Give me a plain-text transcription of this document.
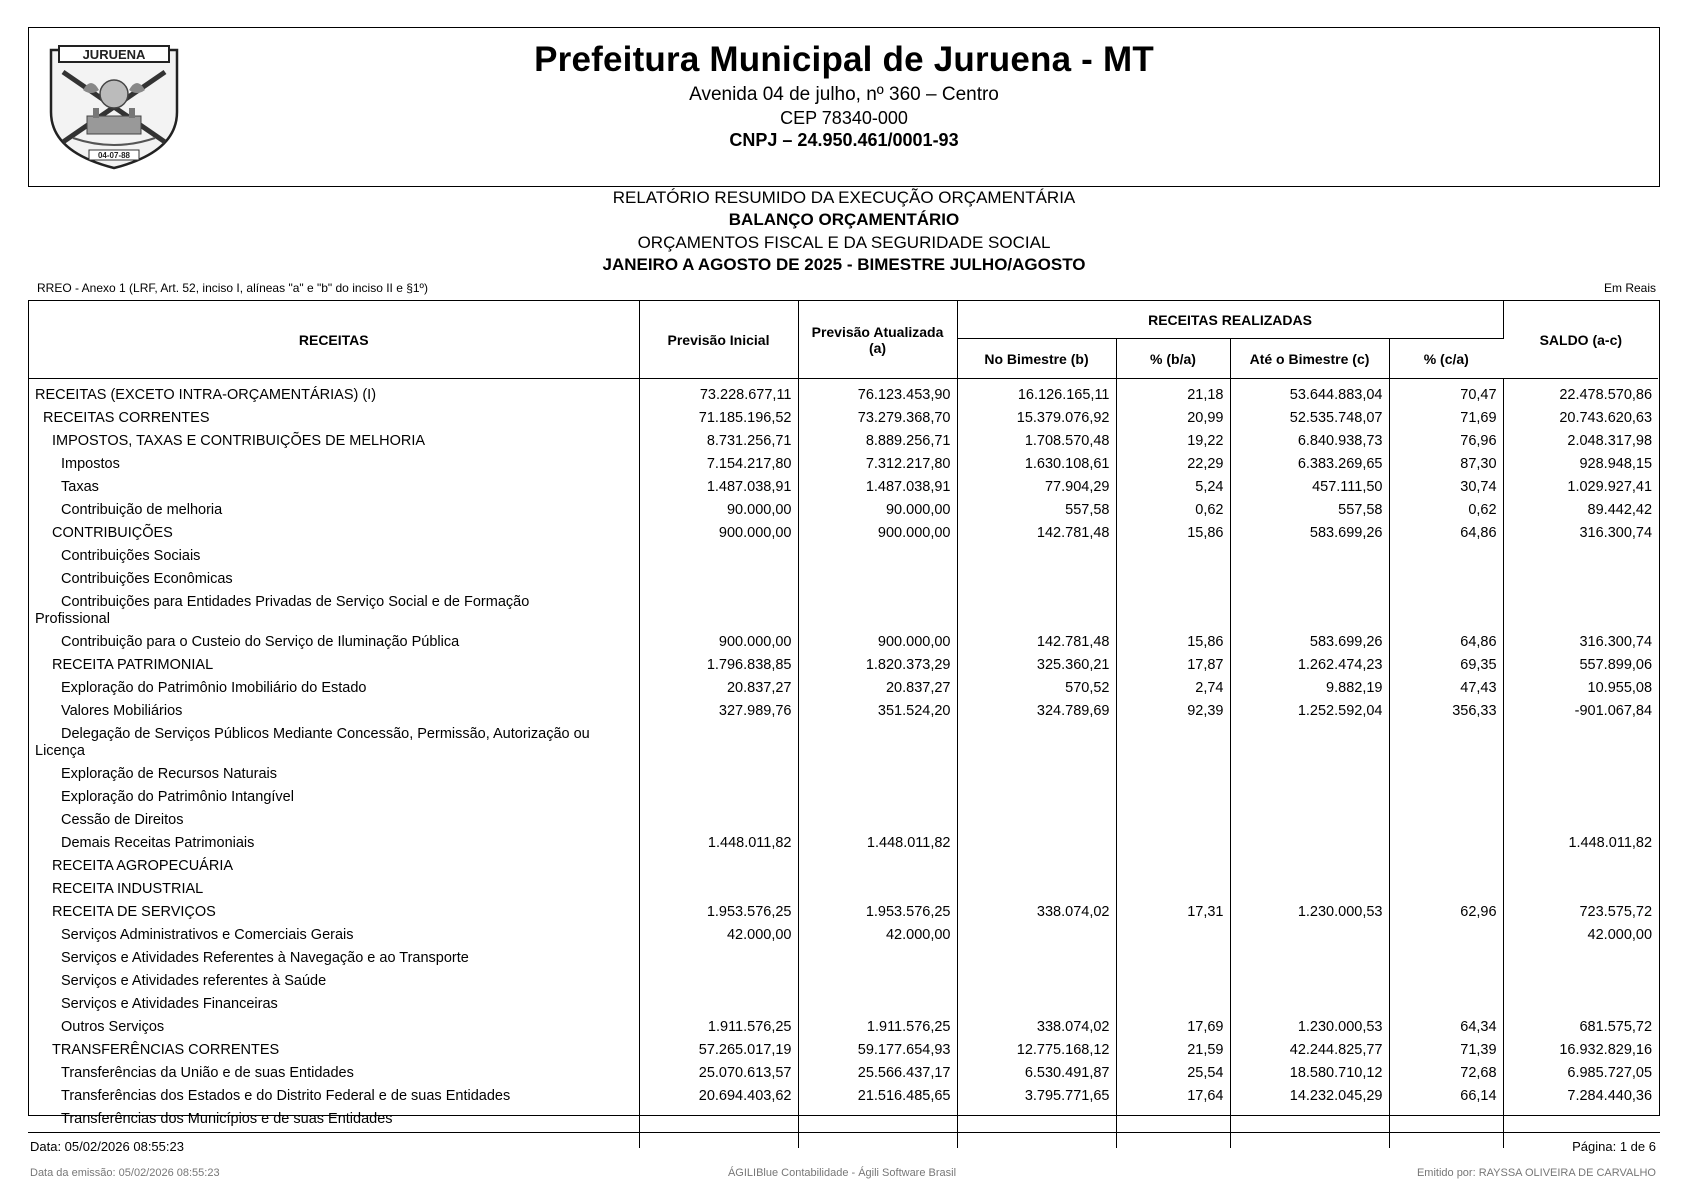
JURUENA
04-07-88
Prefeitura Municipal de Juruena - MT
Avenida 04 de julho, nº 360 – Centro
CEP 78340-000
CNPJ – 24.950.461/0001-93
RELATÓRIO RESUMIDO DA EXECUÇÃO ORÇAMENTÁRIA
BALANÇO ORÇAMENTÁRIO
ORÇAMENTOS FISCAL E DA SEGURIDADE SOCIAL
JANEIRO A AGOSTO DE 2025 - BIMESTRE JULHO/AGOSTO
RREO - Anexo 1 (LRF, Art. 52, inciso I, alíneas "a" e "b" do inciso II e §1º)	Em Reais
RECEITAS	Previsão Inicial	Previsão Atualizada (a)	RECEITAS REALIZADAS				SALDO (a-c)
			No Bimestre (b)	% (b/a)	Até o Bimestre (c)	% (c/a)	
RECEITAS (EXCETO INTRA-ORÇAMENTÁRIAS) (I)	73.228.677,11	76.123.453,90	16.126.165,11	21,18	53.644.883,04	70,47	22.478.570,86
RECEITAS CORRENTES	71.185.196,52	73.279.368,70	15.379.076,92	20,99	52.535.748,07	71,69	20.743.620,63
IMPOSTOS, TAXAS E CONTRIBUIÇÕES DE MELHORIA	8.731.256,71	8.889.256,71	1.708.570,48	19,22	6.840.938,73	76,96	2.048.317,98
Impostos	7.154.217,80	7.312.217,80	1.630.108,61	22,29	6.383.269,65	87,30	928.948,15
Taxas	1.487.038,91	1.487.038,91	77.904,29	5,24	457.111,50	30,74	1.029.927,41
Contribuição de melhoria	90.000,00	90.000,00	557,58	0,62	557,58	0,62	89.442,42
CONTRIBUIÇÕES	900.000,00	900.000,00	142.781,48	15,86	583.699,26	64,86	316.300,74
Contribuições Sociais							
Contribuições Econômicas							

Contribuições para Entidades Privadas de Serviço Social e de Formação
Profissional							

Contribuição para o Custeio do Serviço de Iluminação Pública	900.000,00	900.000,00	142.781,48	15,86	583.699,26	64,86	316.300,74
RECEITA PATRIMONIAL	1.796.838,85	1.820.373,29	325.360,21	17,87	1.262.474,23	69,35	557.899,06
Exploração do Patrimônio Imobiliário do Estado	20.837,27	20.837,27	570,52	2,74	9.882,19	47,43	10.955,08
Valores Mobiliários	327.989,76	351.524,20	324.789,69	92,39	1.252.592,04	356,33	-901.067,84

Delegação de Serviços Públicos Mediante Concessão, Permissão, Autorização ou
Licença							

Exploração de Recursos Naturais							
Exploração do Patrimônio Intangível							
Cessão de Direitos							
Demais Receitas Patrimoniais	1.448.011,82	1.448.011,82					1.448.011,82
RECEITA AGROPECUÁRIA							
RECEITA INDUSTRIAL							
RECEITA DE SERVIÇOS	1.953.576,25	1.953.576,25	338.074,02	17,31	1.230.000,53	62,96	723.575,72
Serviços Administrativos e Comerciais Gerais	42.000,00	42.000,00					42.000,00
Serviços e Atividades Referentes à Navegação e ao Transporte							
Serviços e Atividades referentes à Saúde							
Serviços e Atividades Financeiras							
Outros Serviços	1.911.576,25	1.911.576,25	338.074,02	17,69	1.230.000,53	64,34	681.575,72
TRANSFERÊNCIAS CORRENTES	57.265.017,19	59.177.654,93	12.775.168,12	21,59	42.244.825,77	71,39	16.932.829,16
Transferências da União e de suas Entidades	25.070.613,57	25.566.437,17	6.530.491,87	25,54	18.580.710,12	72,68	6.985.727,05
Transferências dos Estados e do Distrito Federal e de suas Entidades	20.694.403,62	21.516.485,65	3.795.771,65	17,64	14.232.045,29	66,14	7.284.440,36
Transferências dos Municípios e de suas Entidades							

Data: 05/02/2026 08:55:23	Página: 1 de 6
Data da emissão: 05/02/2026 08:55:23	ÁGILIBlue Contabilidade - Ágili Software Brasil	Emitido por: RAYSSA OLIVEIRA DE CARVALHO
